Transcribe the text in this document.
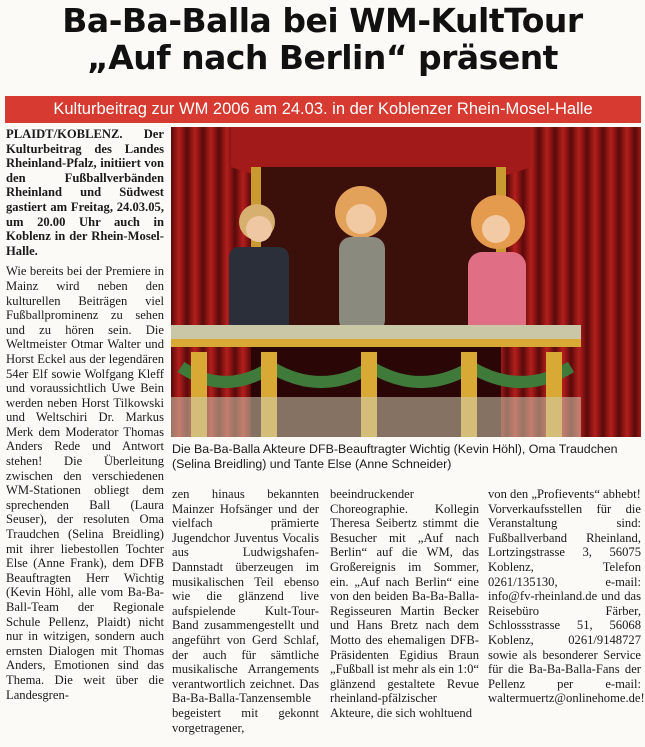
Ba-Ba-Balla bei WM-KultTour
„Auf nach Berlin“ präsent
Kulturbeitrag zur WM 2006 am 24.03. in der Koblenzer Rhein-Mosel-Halle

PLAIDT/KOBLENZ. Der Kulturbeitrag des Landes Rheinland-Pfalz, initiiert von den Fußballverbänden Rheinland und Südwest gastiert am Freitag, 24.03.05, um 20.00 Uhr auch in Koblenz in der Rhein-Mosel-Halle.

Wie bereits bei der Premiere in Mainz wird neben den kulturellen Beiträgen viel Fußballprominenz zu sehen und zu hören sein. Die Weltmeister Otmar Walter und Horst Eckel aus der legendären 54er Elf sowie Wolfgang Kleff und voraussichtlich Uwe Bein werden neben Horst Tilkowski und Weltschiri Dr. Markus Merk dem Moderator Thomas Anders Rede und Antwort stehen! Die Überleitung zwischen den verschiedenen WM-Stationen obliegt dem sprechenden Ball (Laura Seuser), der resoluten Oma Traudchen (Selina Breidling) mit ihrer liebestollen Tochter Else (Anne Frank), dem DFB Beauftragten Herr Wichtig (Kevin Höhl, alle vom Ba-Ba-Ball-Team der Regionale Schule Pellenz, Plaidt) nicht nur in witzigen, sondern auch ernsten Dialogen mit Thomas Anders, Emotionen sind das Thema. Die weit über die Landesgren-

Die Ba-Ba-Balla Akteure DFB-Beauftragter Wichtig (Kevin Höhl), Oma Traudchen (Selina Breidling) und Tante Else (Anne Schneider)

zen hinaus bekannten Mainzer Hofsänger und der vielfach prämierte Jugendchor Juventus Vocalis aus Ludwigshafen-Dannstadt überzeugen im musikalischen Teil ebenso wie die glänzend live aufspielende Kult-Tour-Band zusammengestellt und angeführt von Gerd Schlaf, der auch für sämtliche musikalische Arrangements verantwortlich zeichnet. Das Ba-Ba-Balla-Tanzensemble begeistert mit gekonnt vorgetragener,

beeindruckender Choreographie. Kollegin Theresa Seibertz stimmt die Besucher mit „Auf nach Berlin“ auf die WM, das Großereignis im Sommer, ein. „Auf nach Berlin“ eine von den beiden Ba-Ba-Balla-Regisseuren Martin Becker und Hans Bretz nach dem Motto des ehemaligen DFB-Präsidenten Egidius Braun „Fußball ist mehr als ein 1:0“ glänzend gestaltete Revue rheinland-pfälzischer Akteure, die sich wohltuend

von den „Profievents“ abhebt!

Vorverkaufsstellen für die Veranstaltung sind: Fußballverband Rheinland, Lortzingstrasse 3, 56075 Koblenz, Telefon 0261/135130, e-mail: info@fv-rheinland.de und das Reisebüro Färber, Schlossstrasse 51, 56068 Koblenz, 0261/9148727 sowie als besonderer Service für die Ba-Ba-Balla-Fans der Pellenz per e-mail: waltermuertz@onlinehome.de!
